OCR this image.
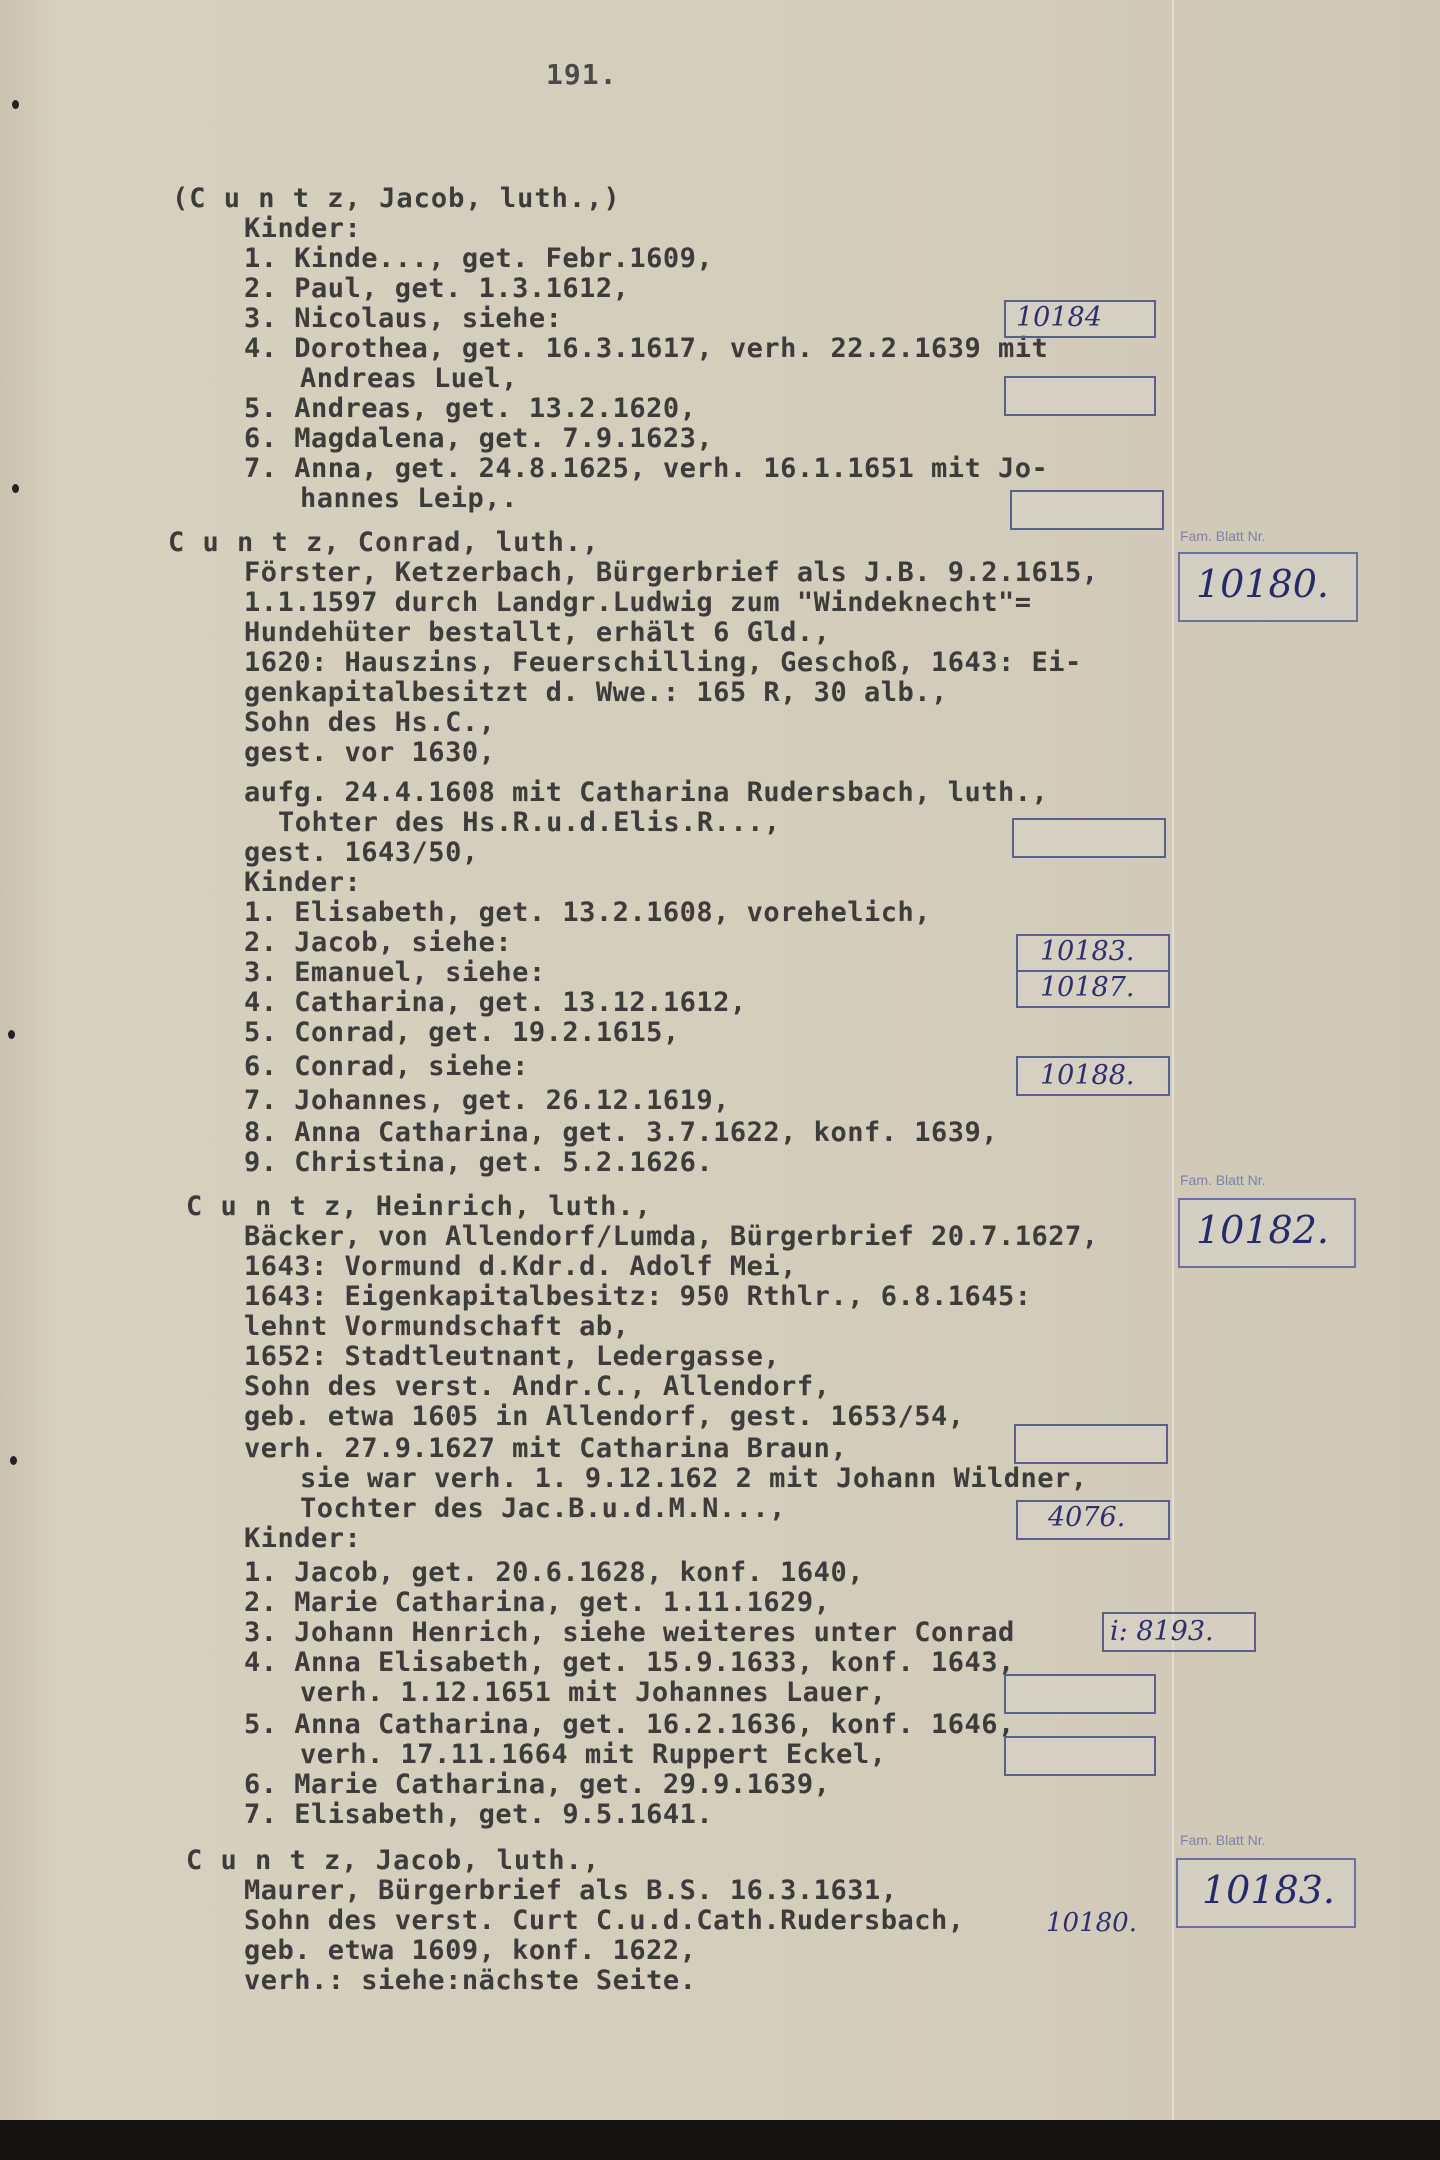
191.
(C u n t z, Jacob, luth.,)
Kinder:
1. Kinde..., get. Febr.1609,
2. Paul, get. 1.3.1612,
3. Nicolaus, siehe:
4. Dorothea, get. 16.3.1617, verh. 22.2.1639 mit
Andreas Luel,
5. Andreas, get. 13.2.1620,
6. Magdalena, get. 7.9.1623,
7. Anna, get. 24.8.1625, verh. 16.1.1651 mit Jo-
hannes Leip,.
C u n t z, Conrad, luth.,
Förster, Ketzerbach, Bürgerbrief als J.B. 9.2.1615,
1.1.1597 durch Landgr.Ludwig zum "Windeknecht"=
Hundehüter bestallt, erhält 6 Gld.,
1620: Hauszins, Feuerschilling, Geschoß, 1643: Ei-
genkapitalbesitzt d. Wwe.: 165 R, 30 alb.,
Sohn des Hs.C.,
gest. vor 1630,
aufg. 24.4.1608 mit Catharina Rudersbach, luth.,
Tohter des Hs.R.u.d.Elis.R...,
gest. 1643/50,
Kinder:
1. Elisabeth, get. 13.2.1608, vorehelich,
2. Jacob, siehe:
3. Emanuel, siehe:
4. Catharina, get. 13.12.1612,
5. Conrad, get. 19.2.1615,
6. Conrad, siehe:
7. Johannes, get. 26.12.1619,
8. Anna Catharina, get. 3.7.1622, konf. 1639,
9. Christina, get. 5.2.1626.
C u n t z, Heinrich, luth.,
Bäcker, von Allendorf/Lumda, Bürgerbrief 20.7.1627,
1643: Vormund d.Kdr.d. Adolf Mei,
1643: Eigenkapitalbesitz: 950 Rthlr., 6.8.1645:
lehnt Vormundschaft ab,
1652: Stadtleutnant, Ledergasse,
Sohn des verst. Andr.C., Allendorf,
geb. etwa 1605 in Allendorf, gest. 1653/54,
verh. 27.9.1627 mit Catharina Braun,
sie war verh. 1. 9.12.162 2 mit Johann Wildner,
Tochter des Jac.B.u.d.M.N...,
Kinder:
1. Jacob, get. 20.6.1628, konf. 1640,
2. Marie Catharina, get. 1.11.1629,
3. Johann Henrich, siehe weiteres unter Conrad
4. Anna Elisabeth, get. 15.9.1633, konf. 1643,
verh. 1.12.1651 mit Johannes Lauer,
5. Anna Catharina, get. 16.2.1636, konf. 1646,
verh. 17.11.1664 mit Ruppert Eckel,
6. Marie Catharina, get. 29.9.1639,
7. Elisabeth, get. 9.5.1641.
C u n t z, Jacob, luth.,
Maurer, Bürgerbrief als B.S. 16.3.1631,
Sohn des verst. Curt C.u.d.Cath.Rudersbach,
geb. etwa 1609, konf. 1622,
verh.: siehe:nächste Seite.
10184
10183.
10187.
10188.
4076.
i: 8193.
10180.
Fam. Blatt Nr.
10180.
Fam. Blatt Nr.
10182.
Fam. Blatt Nr.
10183.
